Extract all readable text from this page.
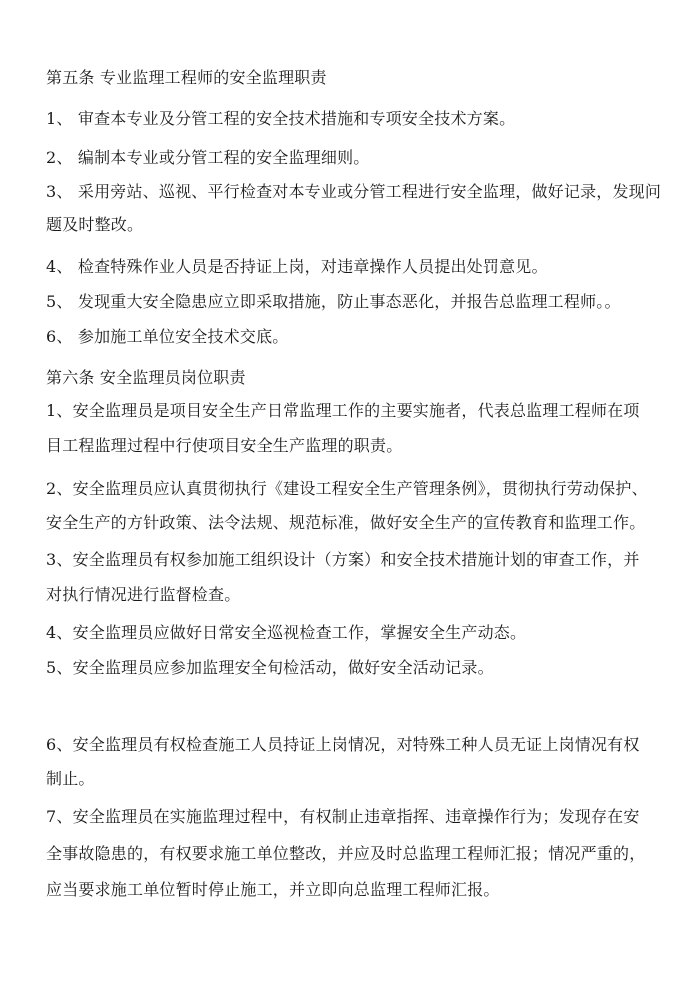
第五条 专业监理工程师的安全监理职责
1、 审查本专业及分管工程的安全技术措施和专项安全技术方案。
2、 编制本专业或分管工程的安全监理细则。
3、 采用旁站、巡视、平行检查对本专业或分管工程进行安全监理，做好记录，发现问
题及时整改。
4、 检查特殊作业人员是否持证上岗，对违章操作人员提出处罚意见。
5、 发现重大安全隐患应立即采取措施，防止事态恶化，并报告总监理工程师。。
6、 参加施工单位安全技术交底。
第六条 安全监理员岗位职责
1、安全监理员是项目安全生产日常监理工作的主要实施者，代表总监理工程师在项
目工程监理过程中行使项目安全生产监理的职责。
2、安全监理员应认真贯彻执行《建设工程安全生产管理条例》，贯彻执行劳动保护、
安全生产的方针政策、法令法规、规范标准，做好安全生产的宣传教育和监理工作。
3、安全监理员有权参加施工组织设计（方案）和安全技术措施计划的审查工作，并
对执行情况进行监督检查。
4、安全监理员应做好日常安全巡视检查工作，掌握安全生产动态。
5、安全监理员应参加监理安全旬检活动，做好安全活动记录。
6、安全监理员有权检查施工人员持证上岗情况，对特殊工种人员无证上岗情况有权
制止。
7、安全监理员在实施监理过程中，有权制止违章指挥、违章操作行为；发现存在安
全事故隐患的，有权要求施工单位整改，并应及时总监理工程师汇报；情况严重的，
应当要求施工单位暂时停止施工，并立即向总监理工程师汇报。
